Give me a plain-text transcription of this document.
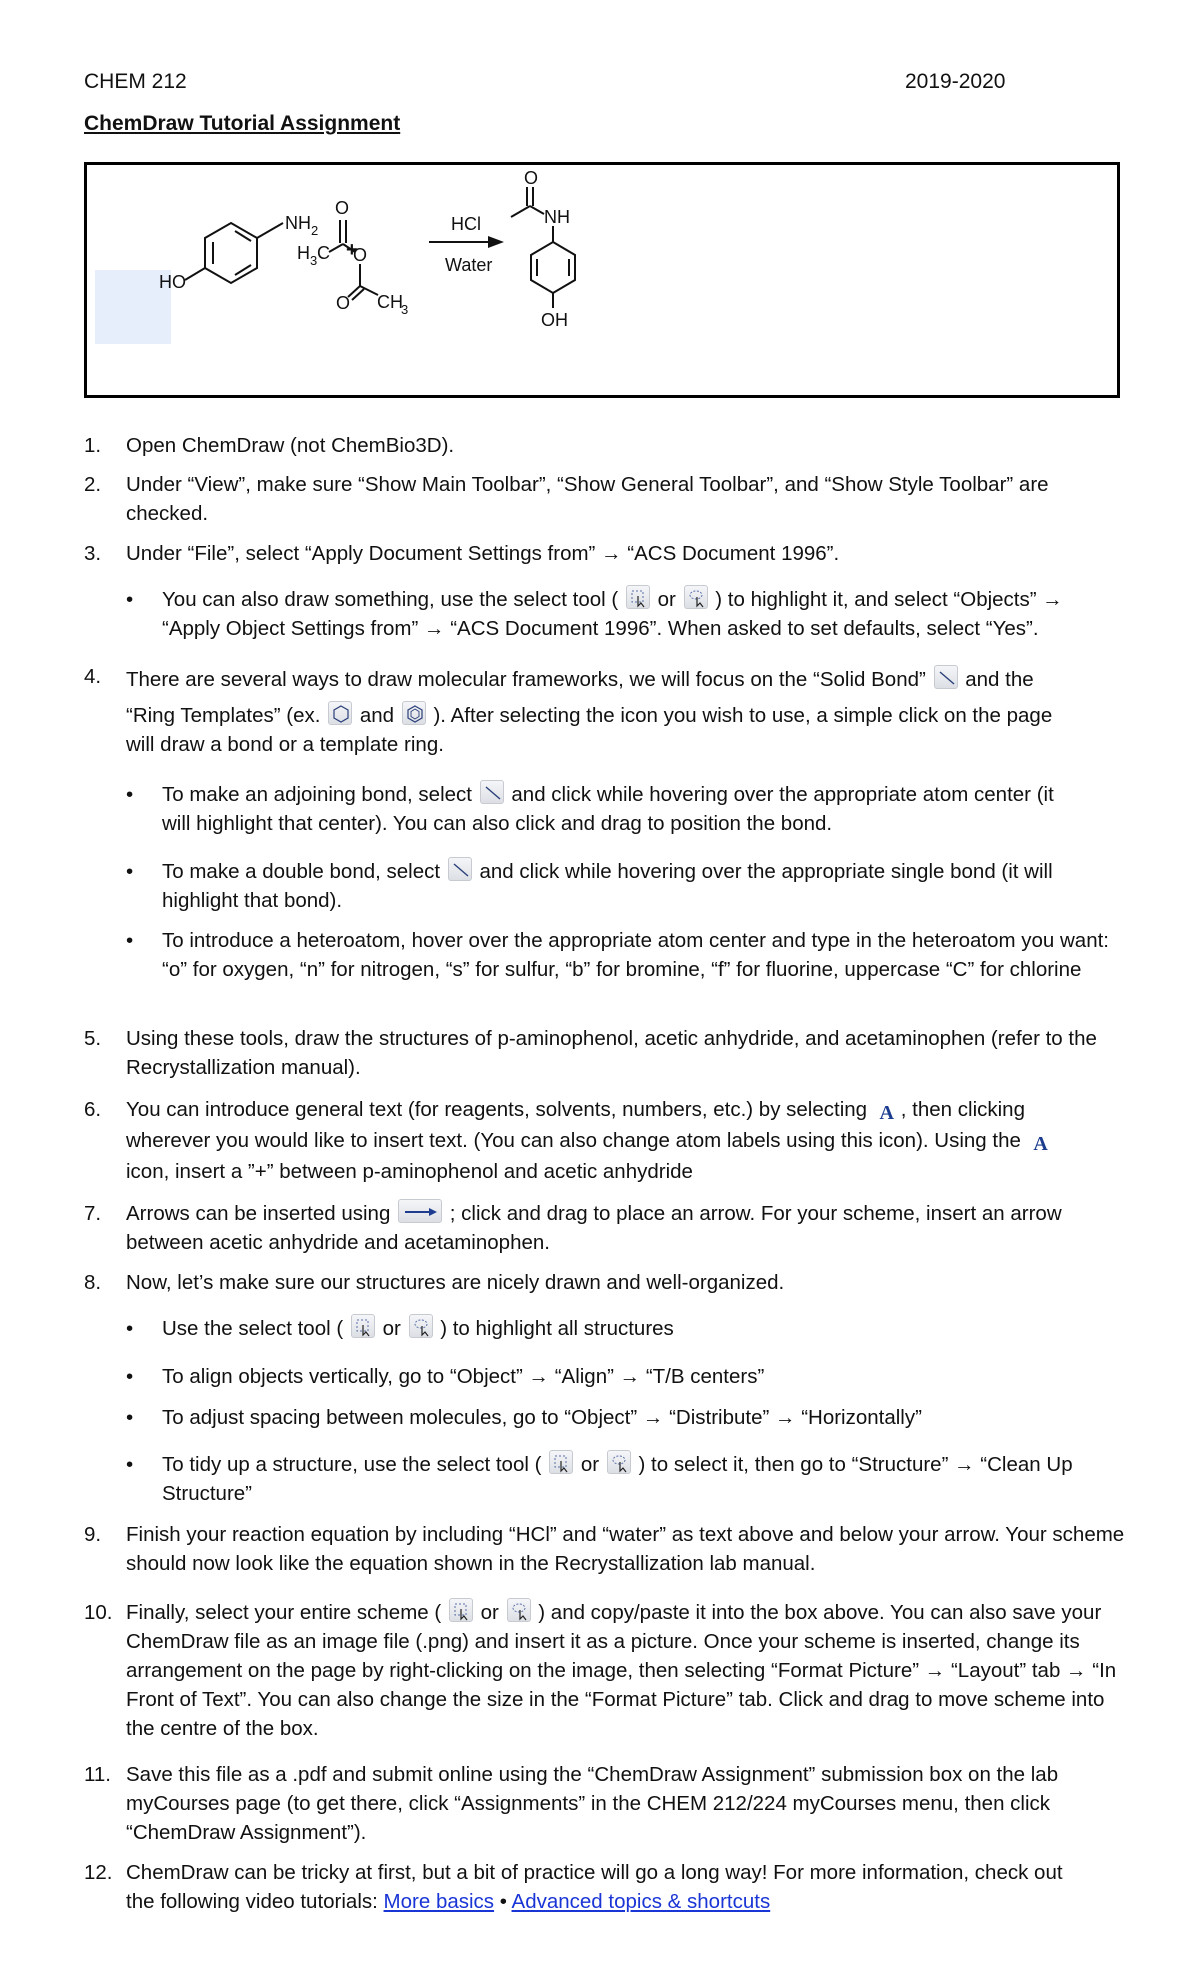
CHEM 212	2019-2020
ChemDraw Tutorial Assignment
NH 2
HO
+
O
H 3 C O
O CH
3
HCl
Water
O
NH
OH
1. Open ChemDraw (not ChemBio3D).
2. Under “View”, make sure “Show Main Toolbar”, “Show General Toolbar”, and “Show Style Toolbar” are checked.
3. Under “File”, select “Apply Document Settings from” → “ACS Document 1996”.
• You can also draw something, use the select tool ( or ) to highlight it, and select “Objects” →
“Apply Object Settings from” → “ACS Document 1996”. When asked to set defaults, select “Yes”.
4. There are several ways to draw molecular frameworks, we will focus on the “Solid Bond” and the
“Ring Templates” (ex. and ). After selecting the icon you wish to use, a simple click on the page
will draw a bond or a template ring.
• To make an adjoining bond, select and click while hovering over the appropriate atom center (it
will highlight that center). You can also click and drag to position the bond.
• To make a double bond, select and click while hovering over the appropriate single bond (it will
highlight that bond).
• To introduce a heteroatom, hover over the appropriate atom center and type in the heteroatom you want: “o” for oxygen, “n” for nitrogen, “s” for sulfur, “b” for bromine, “f” for fluorine, uppercase “C” for chlorine
5. Using these tools, draw the structures of p-aminophenol, acetic anhydride, and acetaminophen (refer to the Recrystallization manual).
6. You can introduce general text (for reagents, solvents, numbers, etc.) by selecting A , then clicking
wherever you would like to insert text. (You can also change atom labels using this icon). Using the A
icon, insert a ”+” between p-aminophenol and acetic anhydride
7. Arrows can be inserted using	; click and drag to place an arrow. For your scheme, insert an arrow
between acetic anhydride and acetaminophen.
8. Now, let’s make sure our structures are nicely drawn and well-organized.
• Use the select tool ( or ) to highlight all structures
• To align objects vertically, go to “Object” → “Align” → “T/B centers”
• To adjust spacing between molecules, go to “Object” → “Distribute” → “Horizontally”
• To tidy up a structure, use the select tool ( or ) to select it, then go to “Structure” → “Clean Up
Structure”
9. Finish your reaction equation by including “HCl” and “water” as text above and below your arrow. Your scheme should now look like the equation shown in the Recrystallization lab manual.
10. Finally, select your entire scheme ( or ) and copy/paste it into the box above. You can also save your ChemDraw file as an image file (.png) and insert it as a picture. Once your scheme is inserted, change its arrangement on the page by right-clicking on the image, then selecting “Format Picture” → “Layout” tab → “In Front of Text”. You can also change the size in the “Format Picture” tab. Click and drag to move scheme into the centre of the box.
11. Save this file as a .pdf and submit online using the “ChemDraw Assignment” submission box on the lab myCourses page (to get there, click “Assignments” in the CHEM 212/224 myCourses menu, then click “ChemDraw Assignment”).
12. ChemDraw can be tricky at first, but a bit of practice will go a long way! For more information, check out
the following video tutorials: More basics • Advanced topics & shortcuts
